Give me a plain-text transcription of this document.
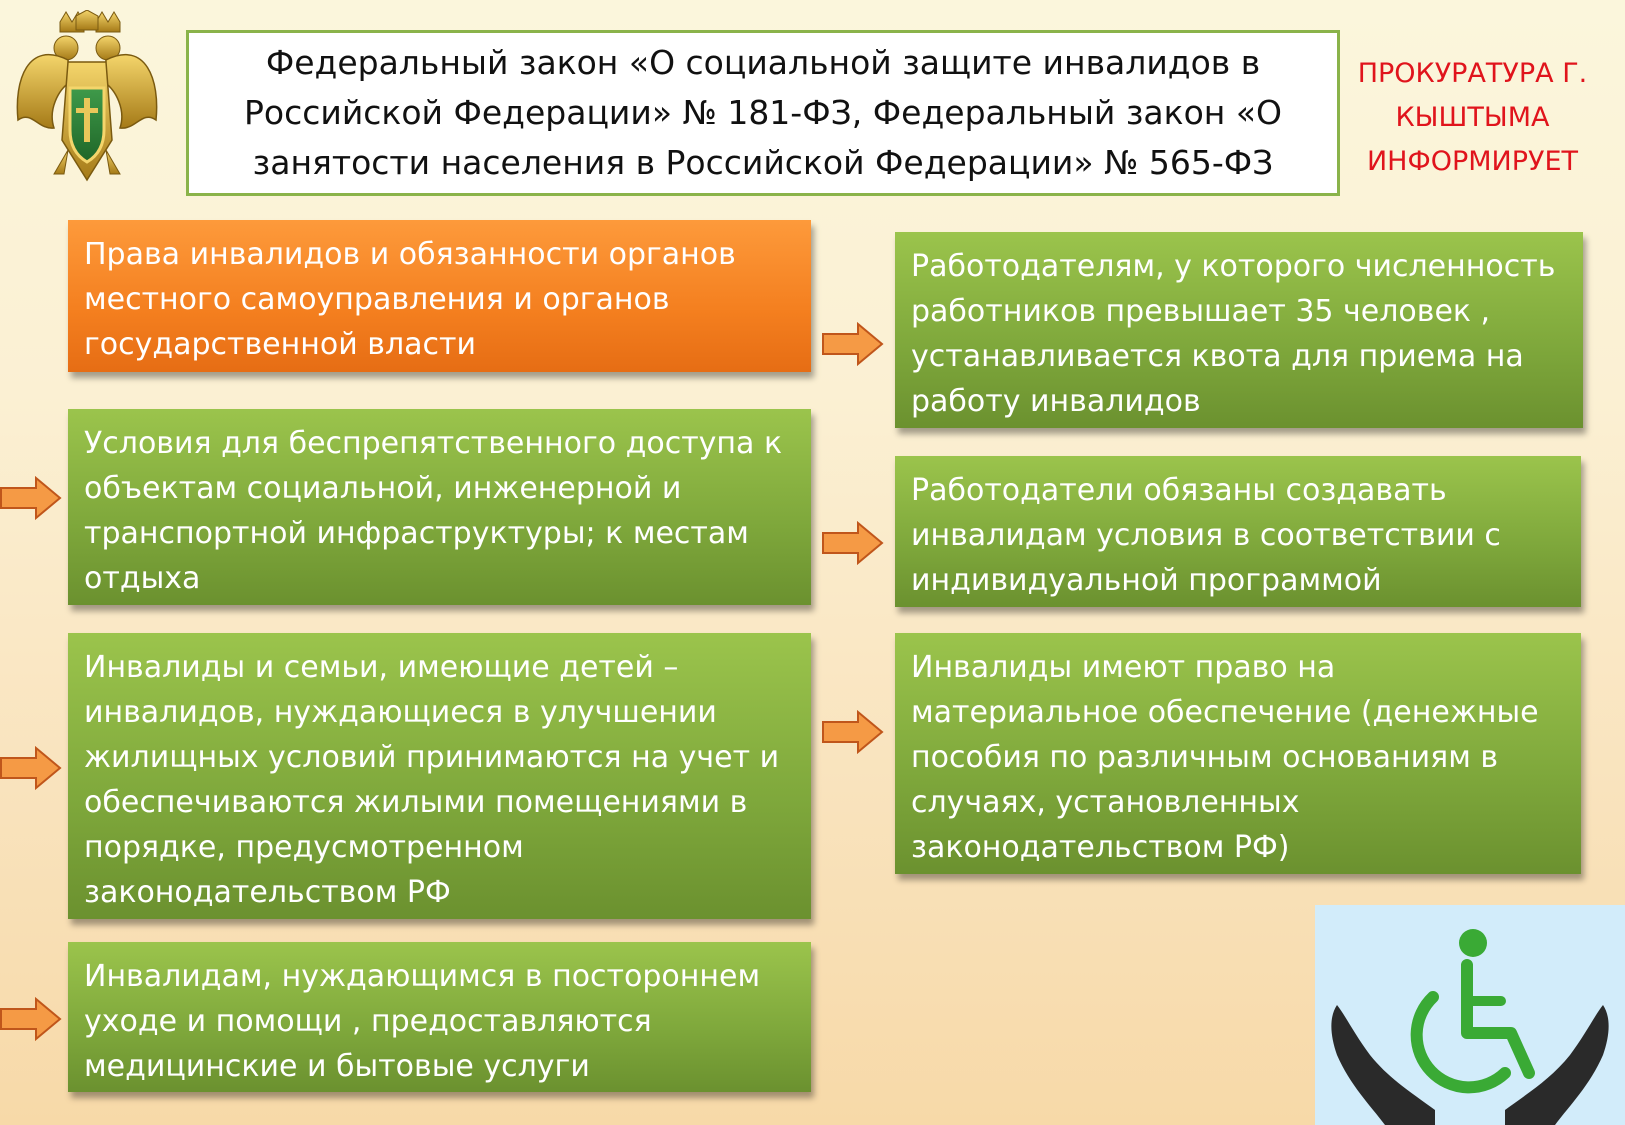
Федеральный закон «О социальной защите инвалидов в Российской Федерации» № 181-ФЗ, Федеральный закон «О занятости населения в Российской Федерации» № 565-ФЗ
ПРОКУРАТУРА Г.
КЫШТЫМА
ИНФОРМИРУЕТ
Права инвалидов и обязанности органов местного самоуправления и органов государственной власти
Условия для беспрепятственного доступа к объектам социальной, инженерной и транспортной инфраструктуры; к местам отдыха
Инвалиды и семьи, имеющие детей – инвалидов, нуждающиеся в улучшении жилищных условий принимаются на учет и обеспечиваются жилыми помещениями в порядке, предусмотренном законодательством РФ
Инвалидам, нуждающимся в постороннем уходе и помощи , предоставляются медицинские и бытовые услуги
Работодателям, у которого численность работников превышает 35 человек , устанавливается квота для приема на работу инвалидов
Работодатели обязаны создавать инвалидам условия в соответствии с индивидуальной программой
Инвалиды имеют право на материальное обеспечение (денежные пособия по различным основаниям в случаях, установленных законодательством РФ)
